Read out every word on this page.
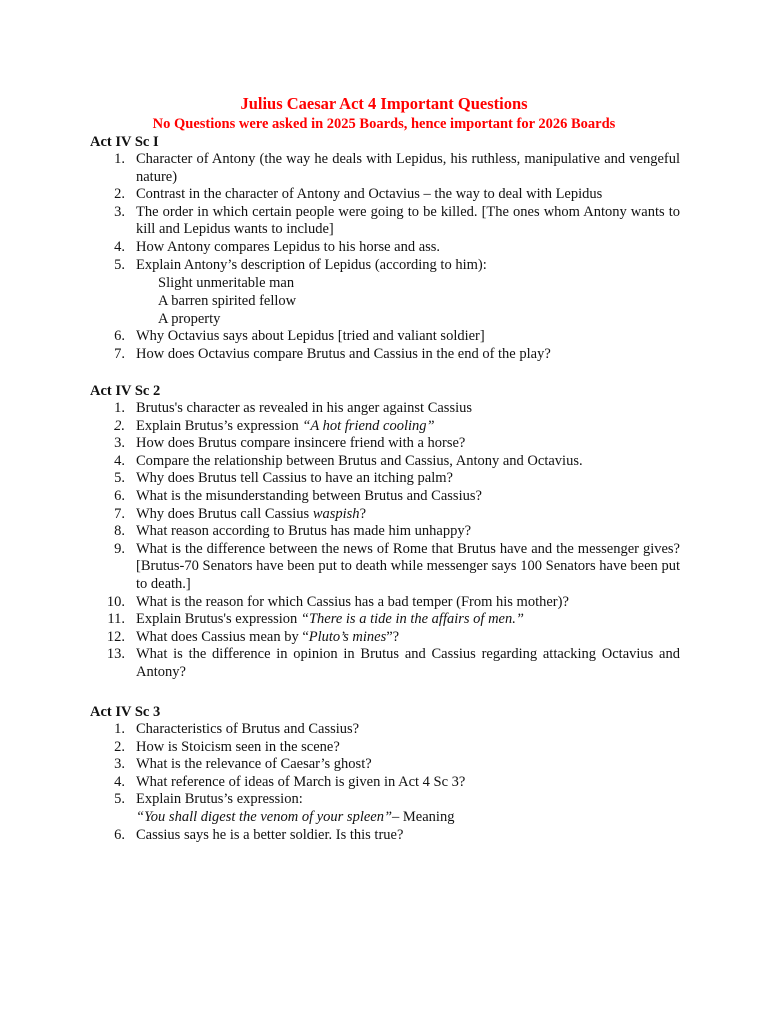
Julius Caesar Act 4 Important Questions
No Questions were asked in 2025 Boards, hence important for 2026 Boards
Act IV Sc I
1. Character of Antony (the way he deals with Lepidus, his ruthless, manipulative and vengeful nature)
2. Contrast in the character of Antony and Octavius – the way to deal with Lepidus
3. The order in which certain people were going to be killed. [The ones whom Antony wants to kill and Lepidus wants to include]
4. How Antony compares Lepidus to his horse and ass.
5. Explain Antony’s description of Lepidus (according to him):
Slight unmeritable man
A barren spirited fellow
A property
6. Why Octavius says about Lepidus [tried and valiant soldier]
7. How does Octavius compare Brutus and Cassius in the end of the play?
Act IV Sc 2
1. Brutus's character as revealed in his anger against Cassius
2. Explain Brutus’s expression “A hot friend cooling”
3. How does Brutus compare insincere friend with a horse?
4. Compare the relationship between Brutus and Cassius, Antony and Octavius.
5. Why does Brutus tell Cassius to have an itching palm?
6. What is the misunderstanding between Brutus and Cassius?
7. Why does Brutus call Cassius waspish?
8. What reason according to Brutus has made him unhappy?
9. What is the difference between the news of Rome that Brutus have and the messenger gives? [Brutus-70 Senators have been put to death while messenger says 100 Senators have been put to death.]
10. What is the reason for which Cassius has a bad temper (From his mother)?
11. Explain Brutus's expression “There is a tide in the affairs of men.”
12. What does Cassius mean by “Pluto’s mines”?
13. What is the difference in opinion in Brutus and Cassius regarding attacking Octavius and Antony?
Act IV Sc 3
1. Characteristics of Brutus and Cassius?
2. How is Stoicism seen in the scene?
3. What is the relevance of Caesar’s ghost?
4. What reference of ideas of March is given in Act 4 Sc 3?
5. Explain Brutus’s expression:
“You shall digest the venom of your spleen”– Meaning
6. Cassius says he is a better soldier. Is this true?
